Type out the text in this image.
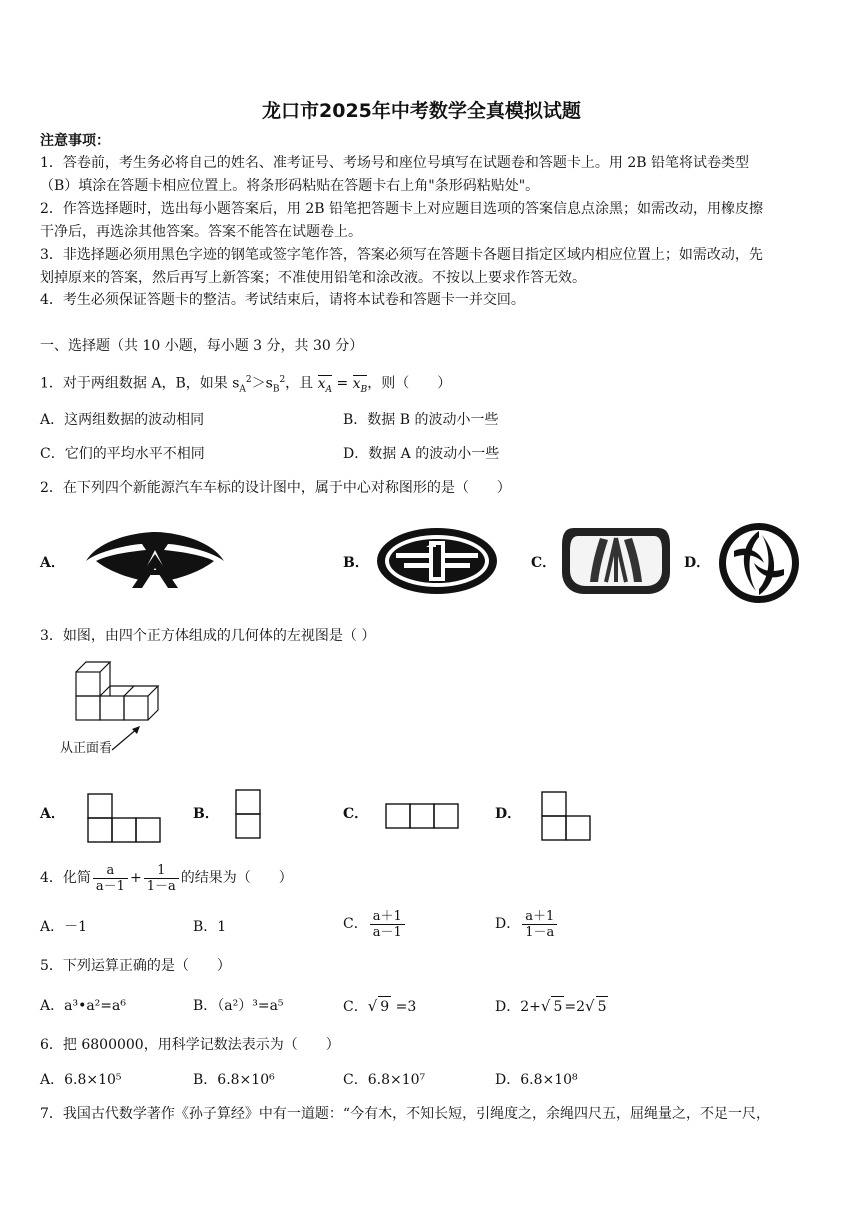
龙口市2025年中考数学全真模拟试题
注意事项：
1．答卷前，考生务必将自己的姓名、准考证号、考场号和座位号填写在试题卷和答题卡上。用 2B 铅笔将试卷类型
（B）填涂在答题卡相应位置上。将条形码粘贴在答题卡右上角"条形码粘贴处"。
2．作答选择题时，选出每小题答案后，用 2B 铅笔把答题卡上对应题目选项的答案信息点涂黑；如需改动，用橡皮擦
干净后，再选涂其他答案。答案不能答在试题卷上。
3．非选择题必须用黑色字迹的钢笔或签字笔作答，答案必须写在答题卡各题目指定区域内相应位置上；如需改动，先
划掉原来的答案，然后再写上新答案；不准使用铅笔和涂改液。不按以上要求作答无效。
4．考生必须保证答题卡的整洁。考试结束后，请将本试卷和答题卡一并交回。
一、选择题（共 10 小题，每小题 3 分，共 30 分）
1．对于两组数据 A，B，如果 $s_A^2>s_B^2$，且 $x_A = x_B$，则（　　）
A．这两组数据的波动相同	B．数据 B 的波动小一些
C．它们的平均水平不相同	D．数据 A 的波动小一些
2．在下列四个新能源汽车车标的设计图中，属于中心对称图形的是（　　）
A．	B．	C．	D．
3．如图，由四个正方体组成的几何体的左视图是（ ）
从正面看
A．	B．	C．	D．
4．化简 $\frac{a}{a-1} + \frac{1}{1-a}$ 的结果为（　　）
A．－1	B．1	C． $\frac{a+1}{a-1}$	D． $\frac{a+1}{1-a}$
5．下列运算正确的是（　　）
A．a³•a²=a⁶	B．（a²）³=a⁵	C．√ 9 =3	D．2+√ 5 =2√ 5
6．把 6800000，用科学记数法表示为（　　）
A．6.8×10⁵	B．6.8×10⁶	C．6.8×10⁷	D．6.8×10⁸
7．我国古代数学著作《孙子算经》中有一道题：“今有木，不知长短，引绳度之，余绳四尺五，屈绳量之，不足一尺，
